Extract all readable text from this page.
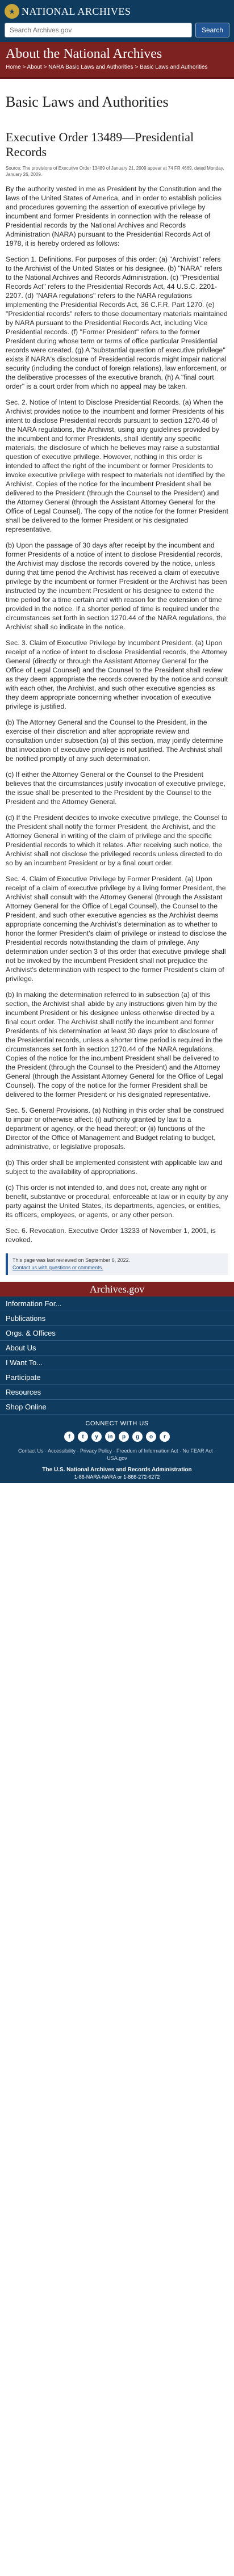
★ NATIONAL ARCHIVES
Search Archives.gov
Search
About the National Archives
Home > About > NARA Basic Laws and Authorities > Basic Laws and Authorities
Basic Laws and Authorities
Executive Order 13489—Presidential Records

Source: The provisions of Executive Order 13489 of January 21, 2009 appear at 74 FR 4669, dated Monday, January 26, 2009.

By the authority vested in me as President by the Constitution and the laws of the United States of America, and in order to establish policies and procedures governing the assertion of executive privilege by incumbent and former Presidents in connection with the release of Presidential records by the National Archives and Records Administration (NARA) pursuant to the Presidential Records Act of 1978, it is hereby ordered as follows:

Section 1. Definitions. For purposes of this order: (a) "Archivist" refers to the Archivist of the United States or his designee. (b) "NARA" refers to the National Archives and Records Administration. (c) "Presidential Records Act" refers to the Presidential Records Act, 44 U.S.C. 2201-2207. (d) "NARA regulations" refers to the NARA regulations implementing the Presidential Records Act, 36 C.F.R. Part 1270. (e) "Presidential records" refers to those documentary materials maintained by NARA pursuant to the Presidential Records Act, including Vice Presidential records. (f) "Former President" refers to the former President during whose term or terms of office particular Presidential records were created. (g) A "substantial question of executive privilege" exists if NARA's disclosure of Presidential records might impair national security (including the conduct of foreign relations), law enforcement, or the deliberative processes of the executive branch. (h) A "final court order" is a court order from which no appeal may be taken.

Sec. 2. Notice of Intent to Disclose Presidential Records. (a) When the Archivist provides notice to the incumbent and former Presidents of his intent to disclose Presidential records pursuant to section 1270.46 of the NARA regulations, the Archivist, using any guidelines provided by the incumbent and former Presidents, shall identify any specific materials, the disclosure of which he believes may raise a substantial question of executive privilege. However, nothing in this order is intended to affect the right of the incumbent or former Presidents to invoke executive privilege with respect to materials not identified by the Archivist. Copies of the notice for the incumbent President shall be delivered to the President (through the Counsel to the President) and the Attorney General (through the Assistant Attorney General for the Office of Legal Counsel). The copy of the notice for the former President shall be delivered to the former President or his designated representative.

(b) Upon the passage of 30 days after receipt by the incumbent and former Presidents of a notice of intent to disclose Presidential records, the Archivist may disclose the records covered by the notice, unless during that time period the Archivist has received a claim of executive privilege by the incumbent or former President or the Archivist has been instructed by the incumbent President or his designee to extend the time period for a time certain and with reason for the extension of time provided in the notice. If a shorter period of time is required under the circumstances set forth in section 1270.44 of the NARA regulations, the Archivist shall so indicate in the notice.

Sec. 3. Claim of Executive Privilege by Incumbent President. (a) Upon receipt of a notice of intent to disclose Presidential records, the Attorney General (directly or through the Assistant Attorney General for the Office of Legal Counsel) and the Counsel to the President shall review as they deem appropriate the records covered by the notice and consult with each other, the Archivist, and such other executive agencies as they deem appropriate concerning whether invocation of executive privilege is justified.

(b) The Attorney General and the Counsel to the President, in the exercise of their discretion and after appropriate review and consultation under subsection (a) of this section, may jointly determine that invocation of executive privilege is not justified. The Archivist shall be notified promptly of any such determination.

(c) If either the Attorney General or the Counsel to the President believes that the circumstances justify invocation of executive privilege, the issue shall be presented to the President by the Counsel to the President and the Attorney General.

(d) If the President decides to invoke executive privilege, the Counsel to the President shall notify the former President, the Archivist, and the Attorney General in writing of the claim of privilege and the specific Presidential records to which it relates. After receiving such notice, the Archivist shall not disclose the privileged records unless directed to do so by an incumbent President or by a final court order.

Sec. 4. Claim of Executive Privilege by Former President. (a) Upon receipt of a claim of executive privilege by a living former President, the Archivist shall consult with the Attorney General (through the Assistant Attorney General for the Office of Legal Counsel), the Counsel to the President, and such other executive agencies as the Archivist deems appropriate concerning the Archivist's determination as to whether to honor the former President's claim of privilege or instead to disclose the Presidential records notwithstanding the claim of privilege. Any determination under section 3 of this order that executive privilege shall not be invoked by the incumbent President shall not prejudice the Archivist's determination with respect to the former President's claim of privilege.

(b) In making the determination referred to in subsection (a) of this section, the Archivist shall abide by any instructions given him by the incumbent President or his designee unless otherwise directed by a final court order. The Archivist shall notify the incumbent and former Presidents of his determination at least 30 days prior to disclosure of the Presidential records, unless a shorter time period is required in the circumstances set forth in section 1270.44 of the NARA regulations. Copies of the notice for the incumbent President shall be delivered to the President (through the Counsel to the President) and the Attorney General (through the Assistant Attorney General for the Office of Legal Counsel). The copy of the notice for the former President shall be delivered to the former President or his designated representative.

Sec. 5. General Provisions. (a) Nothing in this order shall be construed to impair or otherwise affect: (i) authority granted by law to a department or agency, or the head thereof; or (ii) functions of the Director of the Office of Management and Budget relating to budget, administrative, or legislative proposals.

(b) This order shall be implemented consistent with applicable law and subject to the availability of appropriations.

(c) This order is not intended to, and does not, create any right or benefit, substantive or procedural, enforceable at law or in equity by any party against the United States, its departments, agencies, or entities, its officers, employees, or agents, or any other person.

Sec. 6. Revocation. Executive Order 13233 of November 1, 2001, is revoked.

This page was last reviewed on September 6, 2022.
Contact us with questions or comments.
Archives.gov
Information For...
Publications
Orgs. & Offices
About Us
I Want To...
Participate
Resources
Shop Online
CONNECT WITH US
f	t	y	in	p	g	o	r
Contact Us · Accessibility · Privacy Policy · Freedom of Information Act · No FEAR Act · USA.gov
The U.S. National Archives and Records Administration
1-86-NARA-NARA or 1-866-272-6272
